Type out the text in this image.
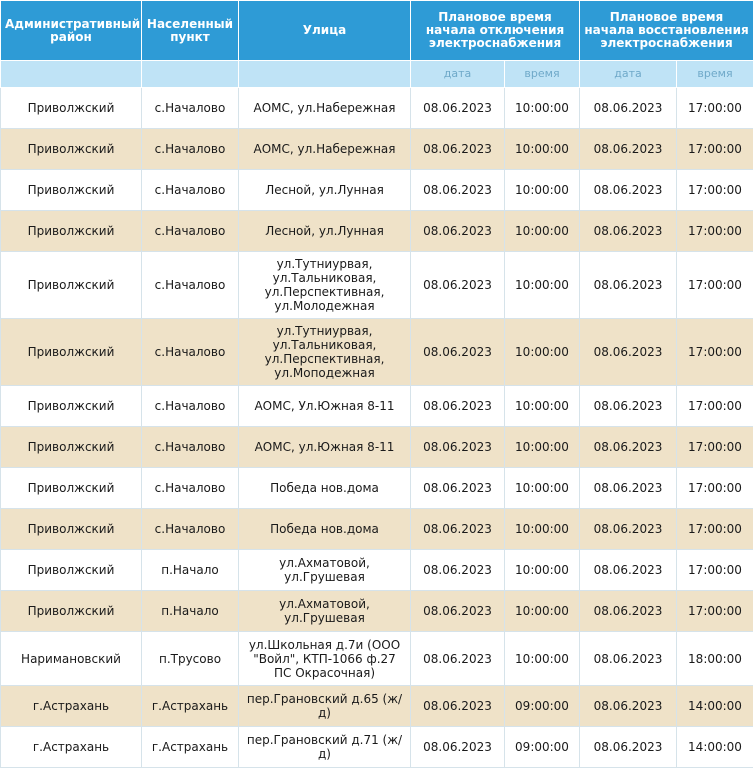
Административный район	Населенный пункт	Улица	Плановое время начала отключения электроснабжения		Плановое время начала восстановления электроснабжения	
			дата	время	дата	время
Приволжский	с.Началово	АОМС, ул.Набережная	08.06.2023	10:00:00	08.06.2023	17:00:00
Приволжский	с.Началово	АОМС, ул.Набережная	08.06.2023	10:00:00	08.06.2023	17:00:00
Приволжский	с.Началово	Лесной, ул.Лунная	08.06.2023	10:00:00	08.06.2023	17:00:00
Приволжский	с.Началово	Лесной, ул.Лунная	08.06.2023	10:00:00	08.06.2023	17:00:00
Приволжский	с.Началово	ул.Тутниурвая, ул.Тальниковая, ул.Перспективная, ул.Молодежная	08.06.2023	10:00:00	08.06.2023	17:00:00
Приволжский	с.Началово	ул.Тутниурвая, ул.Тальниковая, ул.Перспективная, ул.Моподежная	08.06.2023	10:00:00	08.06.2023	17:00:00
Приволжский	с.Началово	АОМС, Ул.Южная 8-11	08.06.2023	10:00:00	08.06.2023	17:00:00
Приволжский	с.Началово	АОМС, ул.Южная 8-11	08.06.2023	10:00:00	08.06.2023	17:00:00
Приволжский	с.Началово	Победа нов.дома	08.06.2023	10:00:00	08.06.2023	17:00:00
Приволжский	с.Началово	Победа нов.дома	08.06.2023	10:00:00	08.06.2023	17:00:00
Приволжский	п.Начало	ул.Ахматовой, ул.Грушевая	08.06.2023	10:00:00	08.06.2023	17:00:00
Приволжский	п.Начало	ул.Ахматовой, ул.Грушевая	08.06.2023	10:00:00	08.06.2023	17:00:00
Наримановский	п.Трусово	ул.Школьная д.7и (ООО "Войл", КТП-1066 ф.27 ПС Окрасочная)	08.06.2023	10:00:00	08.06.2023	18:00:00
г.Астрахань	г.Астрахань	пер.Грановский д.65 (ж/д)	08.06.2023	09:00:00	08.06.2023	14:00:00
г.Астрахань	г.Астрахань	пер.Грановский д.71 (ж/д)	08.06.2023	09:00:00	08.06.2023	14:00:00
